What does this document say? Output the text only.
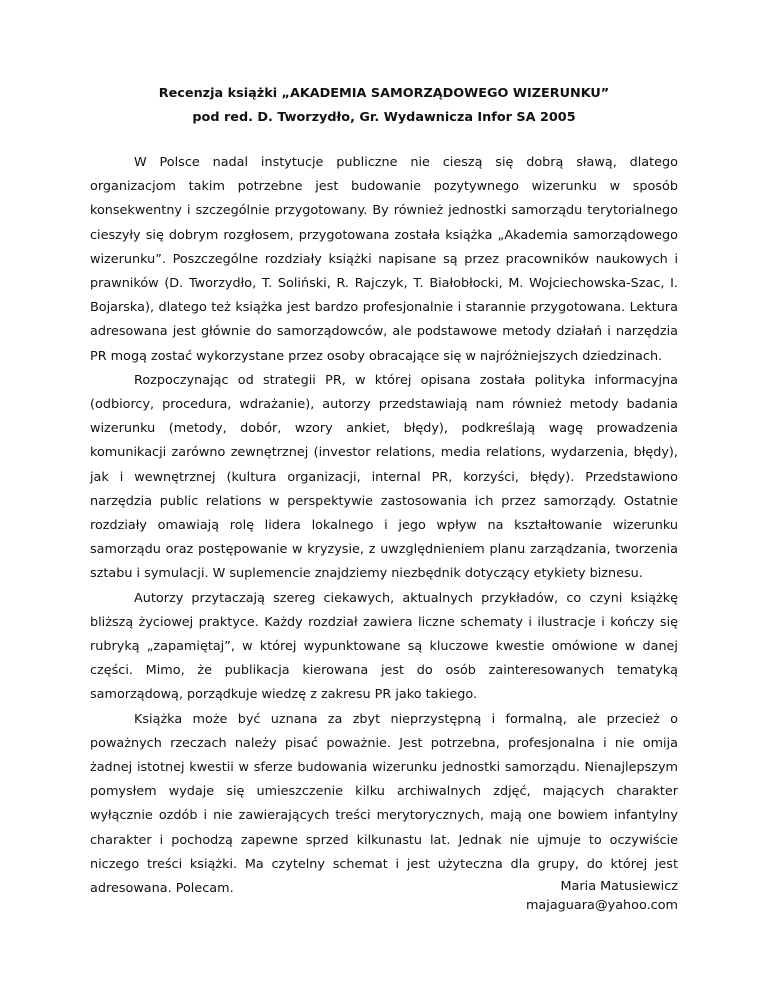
Recenzja książki „AKADEMIA SAMORZĄDOWEGO WIZERUNKU”

pod red. D. Tworzydło, Gr. Wydawnicza Infor SA 2005

W Polsce nadal instytucje publiczne nie cieszą się dobrą sławą, dlatego organizacjom takim potrzebne jest budowanie pozytywnego wizerunku w sposób konsekwentny i szczególnie przygotowany. By również jednostki samorządu terytorialnego cieszyły się dobrym rozgłosem, przygotowana została książka „Akademia samorządowego wizerunku”. Poszczególne rozdziały książki napisane są przez pracowników naukowych i prawników (D. Tworzydło, T. Soliński, R. Rajczyk, T. Białobłocki, M. Wojciechowska-Szac, I. Bojarska), dlatego też książka jest bardzo profesjonalnie i starannie przygotowana. Lektura adresowana jest głównie do samorządowców, ale podstawowe metody działań i narzędzia PR mogą zostać wykorzystane przez osoby obracające się w najróżniejszych dziedzinach.

Rozpoczynając od strategii PR, w której opisana została polityka informacyjna (odbiorcy, procedura, wdrażanie), autorzy przedstawiają nam również metody badania wizerunku (metody, dobór, wzory ankiet, błędy), podkreślają wagę prowadzenia komunikacji zarówno zewnętrznej (investor relations, media relations, wydarzenia, błędy), jak i wewnętrznej (kultura organizacji, internal PR, korzyści, błędy). Przedstawiono narzędzia public relations w perspektywie zastosowania ich przez samorządy. Ostatnie rozdziały omawiają rolę lidera lokalnego i jego wpływ na kształtowanie wizerunku samorządu oraz postępowanie w kryzysie, z uwzględnieniem planu zarządzania, tworzenia sztabu i symulacji. W suplemencie znajdziemy niezbędnik dotyczący etykiety biznesu.

Autorzy przytaczają szereg ciekawych, aktualnych przykładów, co czyni książkę bliższą życiowej praktyce. Każdy rozdział zawiera liczne schematy i ilustracje i kończy się rubryką „zapamiętaj”, w której wypunktowane są kluczowe kwestie omówione w danej części. Mimo, że publikacja kierowana jest do osób zainteresowanych tematyką samorządową, porządkuje wiedzę z zakresu PR jako takiego.

Książka może być uznana za zbyt nieprzystępną i formalną, ale przecież o poważnych rzeczach należy pisać poważnie. Jest potrzebna, profesjonalna i nie omija żadnej istotnej kwestii w sferze budowania wizerunku jednostki samorządu. Nienajlepszym pomysłem wydaje się umieszczenie kilku archiwalnych zdjęć, mających charakter wyłącznie ozdób i nie zawierających treści merytorycznych, mają one bowiem infantylny charakter i pochodzą zapewne sprzed kilkunastu lat. Jednak nie ujmuje to oczywiście niczego treści książki. Ma czytelny schemat i jest użyteczna dla grupy, do której jest adresowana. Polecam.	Maria Matusiewicz
majaguara@yahoo.com
